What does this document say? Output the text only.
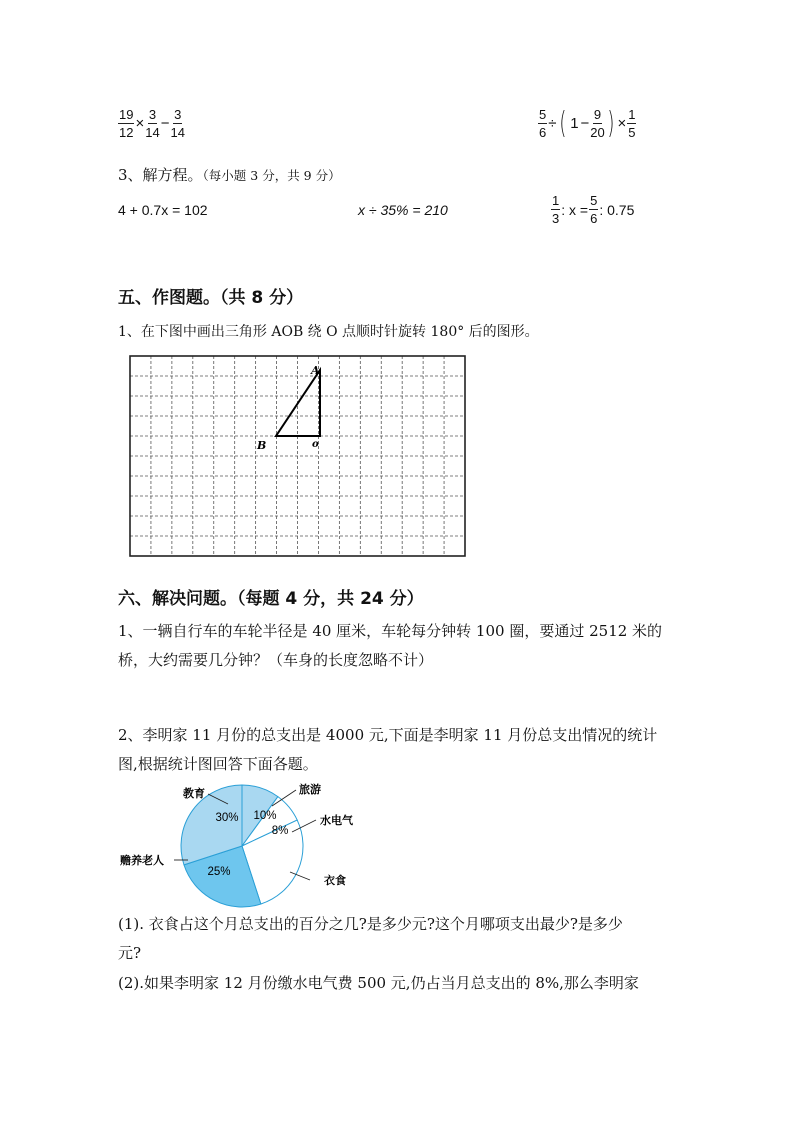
$\frac{19}{12} \times \frac{3}{14} - \frac{3}{14}$	$\frac{5}{6}$ ÷ ( $1 - \frac{9}{20}$ ) × $\frac{1}{5}$
3、解方程。（每小题 3 分，共 9 分）
4 + 0.7x = 102	x ÷ 35% = 210	$\frac{1}{3}$ : $x = \frac{5}{6}$ : 0.75
五、作图题。（共 8 分）
1、在下图中画出三角形 AOB 绕 O 点顺时针旋转 180° 后的图形。
A
B	o
六、解决问题。（每题 4 分，共 24 分）
1、一辆自行车的车轮半径是 40 厘米，车轮每分钟转 100 圈，要通过 2512 米的
桥，大约需要几分钟？（车身的长度忽略不计）
2、李明家 11 月份的总支出是 4000 元,下面是李明家 11 月份总支出情况的统计
图,根据统计图回答下面各题。
30% 10%
8%
25%
教育	旅游
水电气
衣食
赡养老人
(1). 衣食占这个月总支出的百分之几?是多少元?这个月哪项支出最少?是多少
元?
(2).如果李明家 12 月份缴水电气费 500 元,仍占当月总支出的 8%,那么李明家
